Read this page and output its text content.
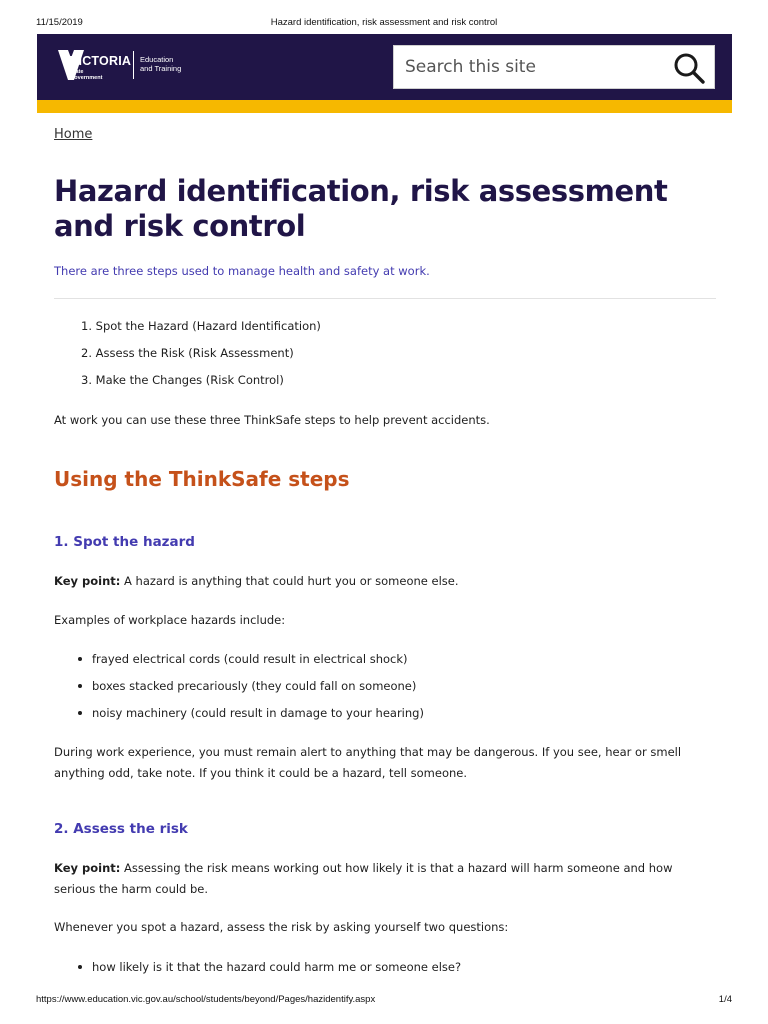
11/15/2019	Hazard identification, risk assessment and risk control
VICTORIA
State
Government
Education
and Training
Search this site
Home
Hazard identification, risk assessment and risk control

There are three steps used to manage health and safety at work.

1. Spot the Hazard (Hazard Identification)
2. Assess the Risk (Risk Assessment)
3. Make the Changes (Risk Control)

At work you can use these three ThinkSafe steps to help prevent accidents.

Using the ThinkSafe steps
1. Spot the hazard

Key point: A hazard is anything that could hurt you or someone else.

Examples of workplace hazards include:

frayed electrical cords (could result in electrical shock)
boxes stacked precariously (they could fall on someone)
noisy machinery (could result in damage to your hearing)
During work experience, you must remain alert to anything that may be dangerous. If you see, hear or smell
anything odd, take note. If you think it could be a hazard, tell someone.
2. Assess the risk
Key point: Assessing the risk means working out how likely it is that a hazard will harm someone and how
serious the harm could be.

Whenever you spot a hazard, assess the risk by asking yourself two questions:

how likely is it that the hazard could harm me or someone else?
https://www.education.vic.gov.au/school/students/beyond/Pages/hazidentify.aspx	1/4
